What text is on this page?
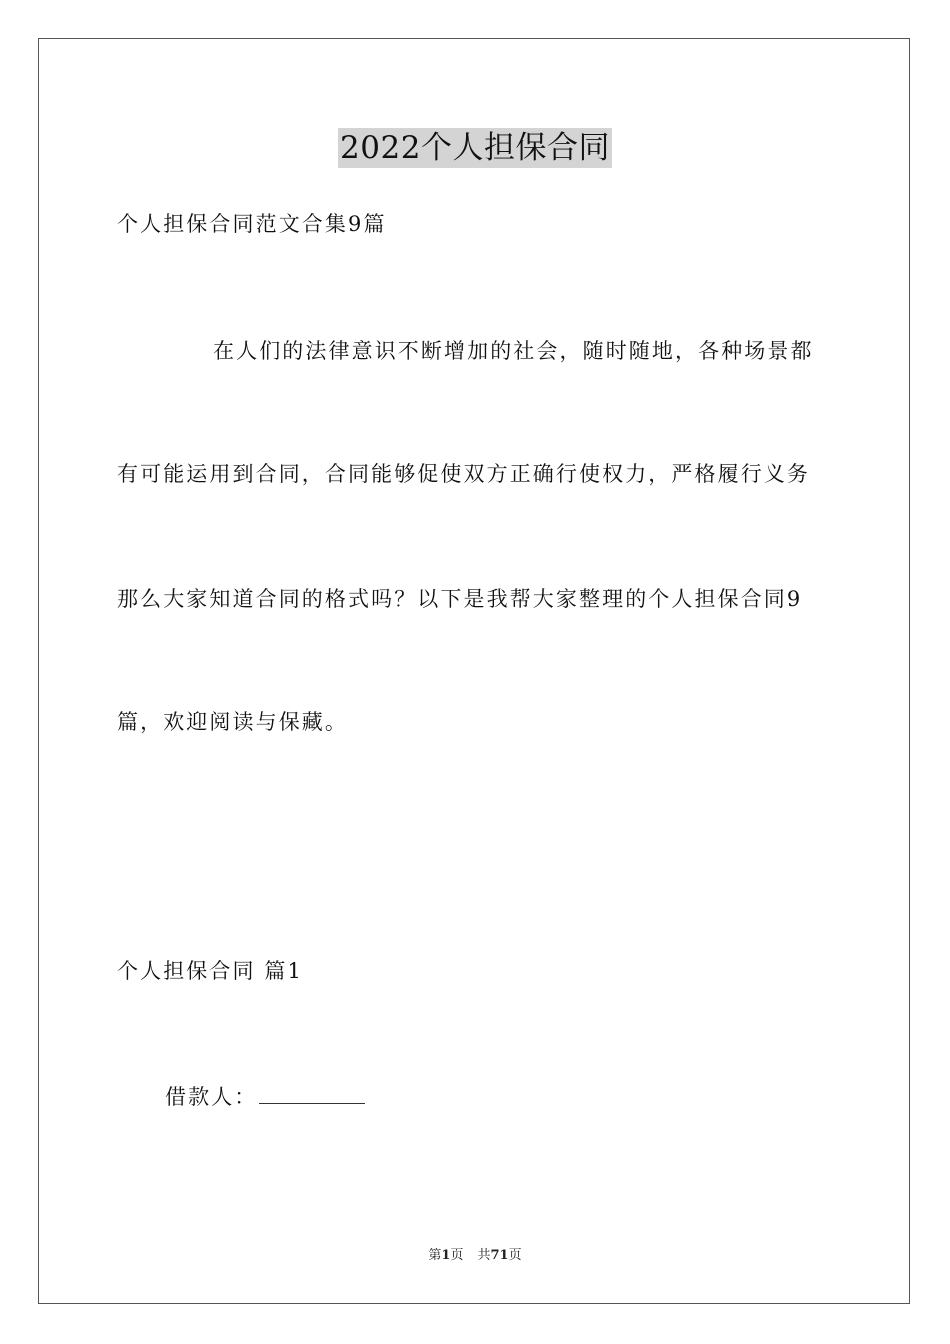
2022个人担保合同
个人担保合同范文合集9篇
在人们的法律意识不断增加的社会，随时随地，各种场景都
有可能运用到合同，合同能够促使双方正确行使权力，严格履行义务
那么大家知道合同的格式吗？以下是我帮大家整理的个人担保合同9
篇，欢迎阅读与保藏。
个人担保合同 篇1
借款人：
第1页 共71页
